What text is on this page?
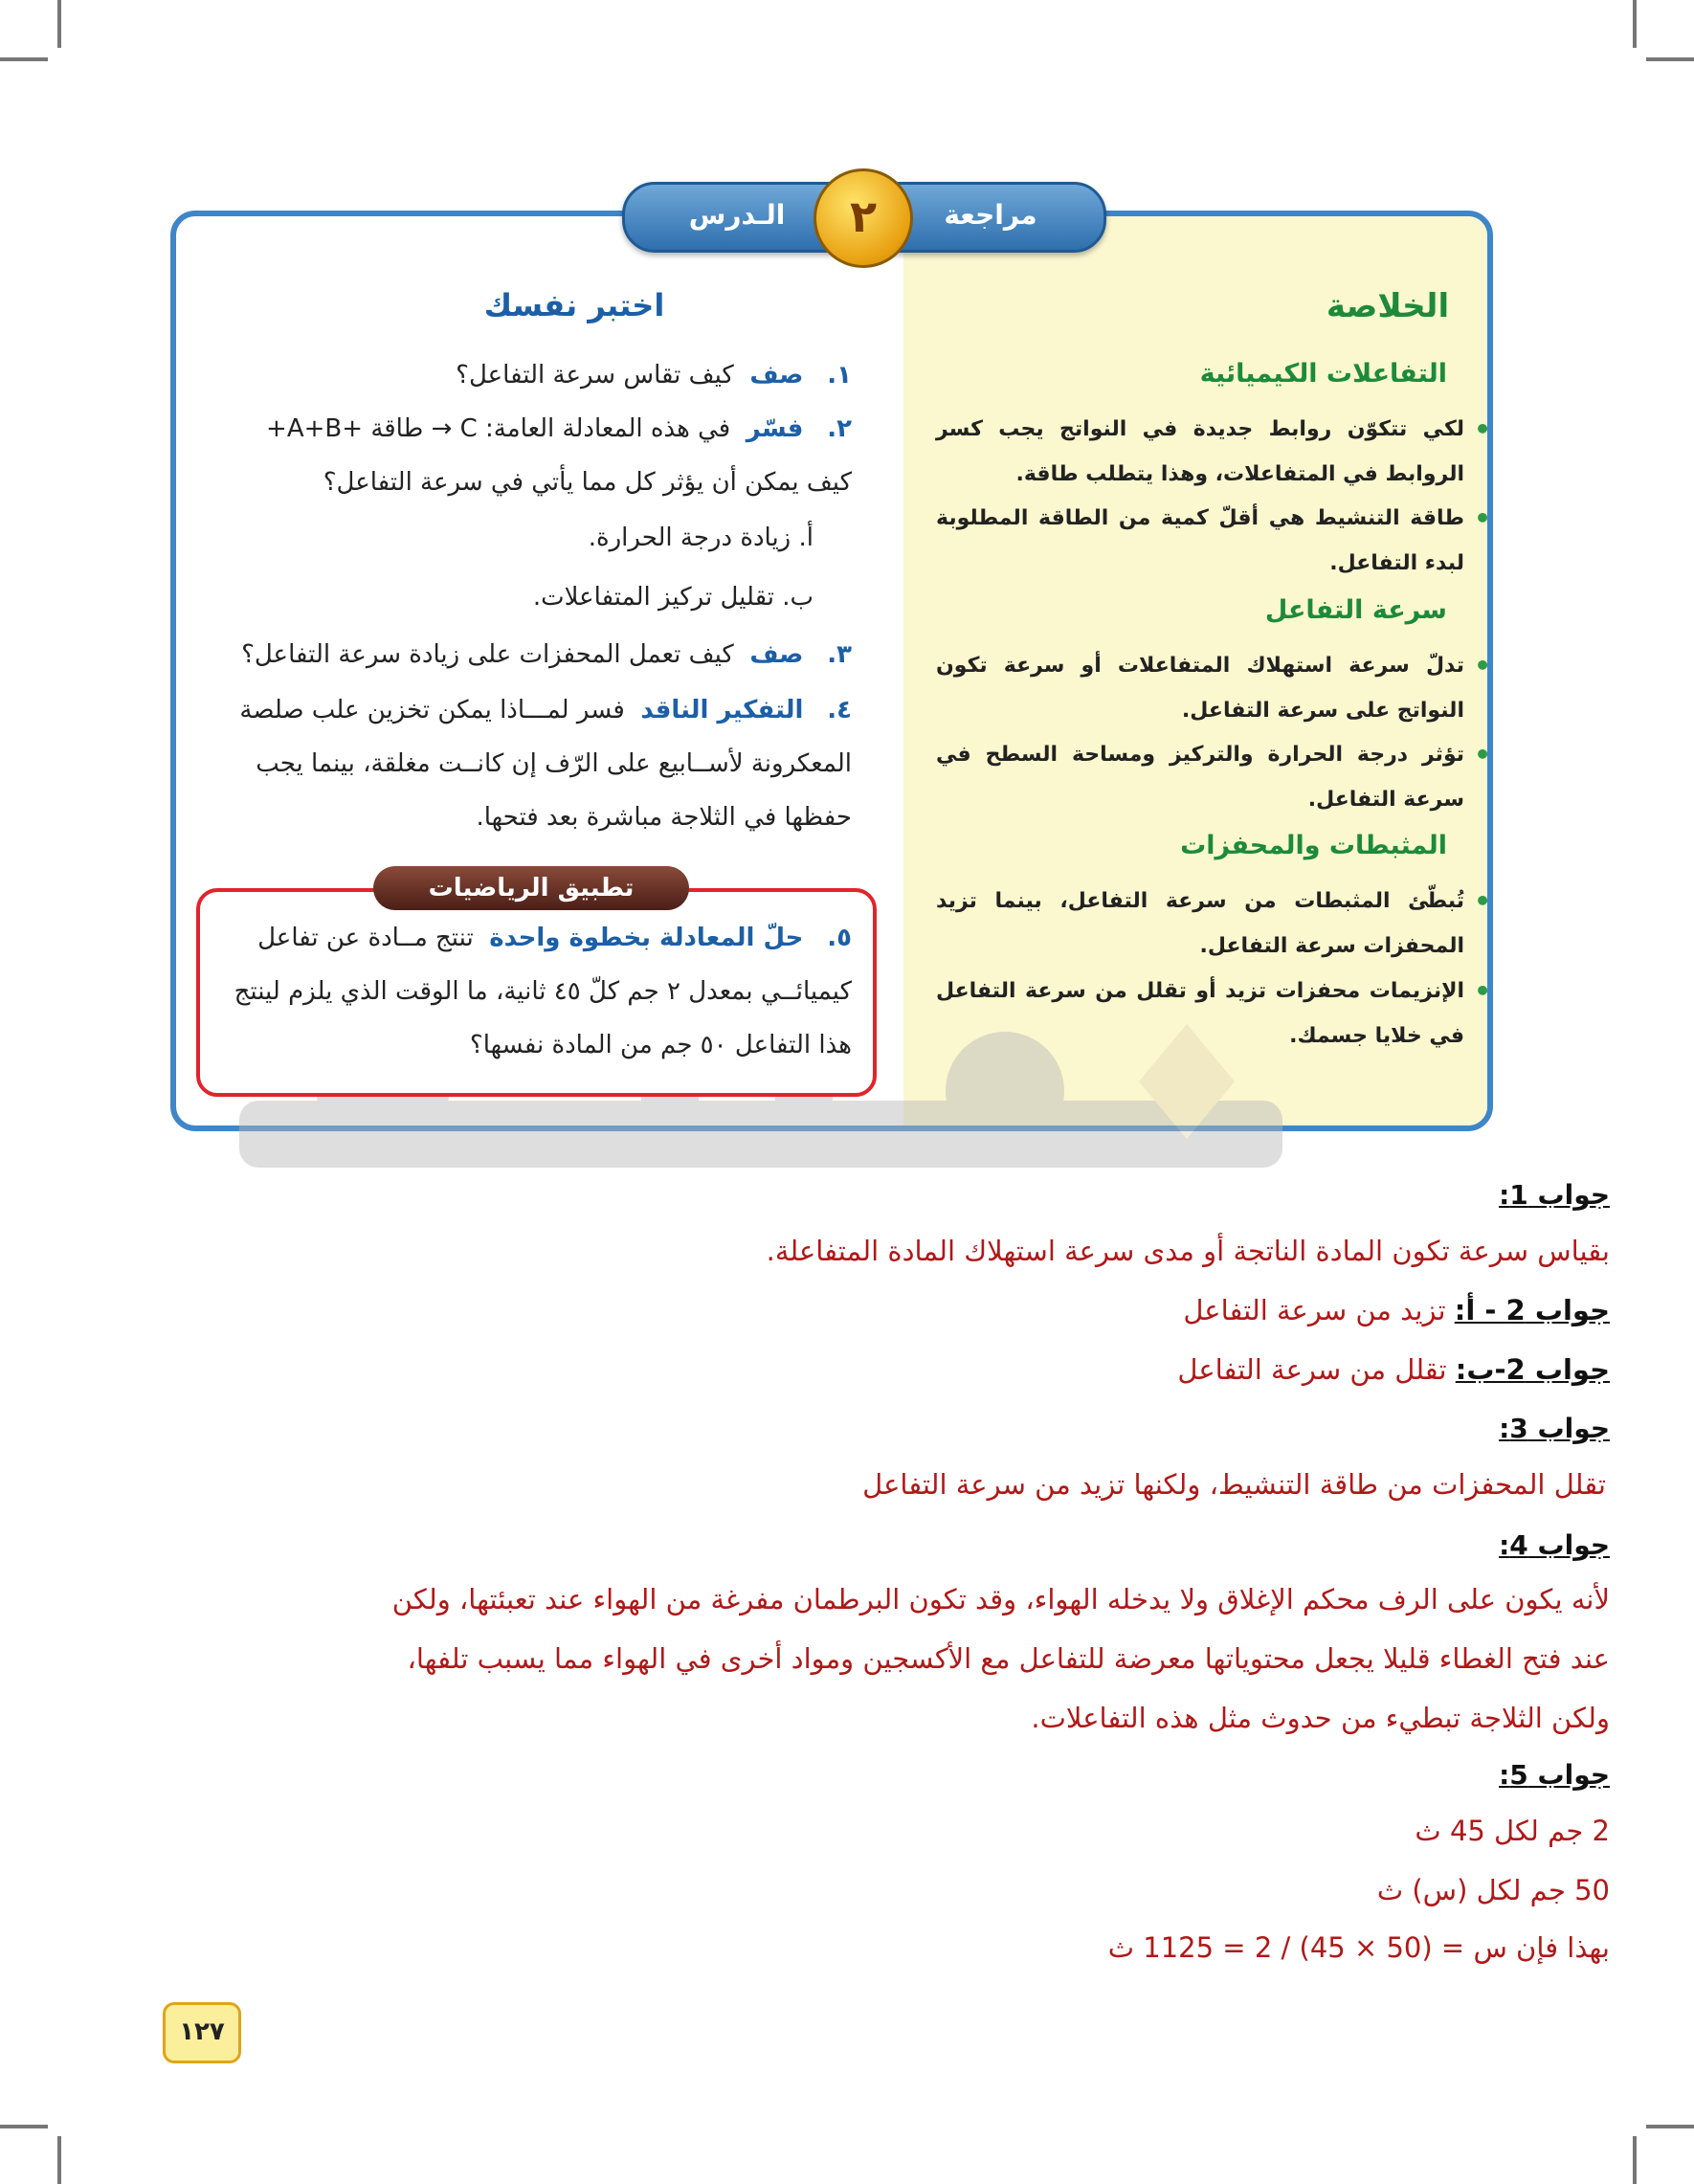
الـدرس	مراجعة
٢
الخلاصة
التفاعلات الكيميائية
•
لكي تتكوّن روابط جديدة في النواتج يجب كسر الروابط في المتفاعلات، وهذا يتطلب طاقة.
•
طاقة التنشيط هي أقلّ كمية من الطاقة المطلوبة لبدء التفاعل.
سرعة التفاعل
•
تدلّ سرعة استهلاك المتفاعلات أو سرعة تكون النواتج على سرعة التفاعل.
•
تؤثر درجة الحرارة والتركيز ومساحة السطح في سرعة التفاعل.
المثبطات والمحفزات
•
تُبطّئ المثبطات من سرعة التفاعل، بينما تزيد المحفزات سرعة التفاعل.
•
الإنزيمات محفزات تزيد أو تقلل من سرعة التفاعل في خلايا جسمك.
اختبر نفسك
١.   صف  كيف تقاس سرعة التفاعل؟
٢.   فسّر  في هذه المعادلة العامة: C → طاقة +A+B+ كيف يمكن أن يؤثر كل مما يأتي في سرعة التفاعل؟
أ. زيادة درجة الحرارة.
ب. تقليل تركيز المتفاعلات.
٣.   صف  كيف تعمل المحفزات على زيادة سرعة التفاعل؟
٤.   التفكير الناقد  فسر لمـــاذا يمكن تخزين علب صلصة المعكرونة لأســابيع على الرّف إن كانــت مغلقة، بينما يجب حفظها في الثلاجة مباشرة بعد فتحها.
تطبيق الرياضيات
٥.   حلّ المعادلة بخطوة واحدة  تنتج مــادة عن تفاعل كيميائــي بمعدل ٢ جم كلّ ٤٥ ثانية، ما الوقت الذي يلزم لينتج هذا التفاعل ٥٠ جم من المادة نفسها؟
جواب 1:
بقياس سرعة تكون المادة الناتجة أو مدى سرعة استهلاك المادة المتفاعلة.
جواب 2 - أ: تزيد من سرعة التفاعل
جواب 2-ب: تقلل من سرعة التفاعل
جواب 3:
تقلل المحفزات من طاقة التنشيط، ولكنها تزيد من سرعة التفاعل
جواب 4:
لأنه يكون على الرف محكم الإغلاق ولا يدخله الهواء، وقد تكون البرطمان مفرغة من الهواء عند تعبئتها، ولكن
عند فتح الغطاء قليلا يجعل محتوياتها معرضة للتفاعل مع الأكسجين ومواد أخرى في الهواء مما يسبب تلفها،
ولكن الثلاجة تبطيء من حدوث مثل هذه التفاعلات.
جواب 5:
2 جم لكل 45 ث
50 جم لكل (س) ث
بهذا فإن س = (50 × 45) / 2 = 1125 ث
١٢٧
